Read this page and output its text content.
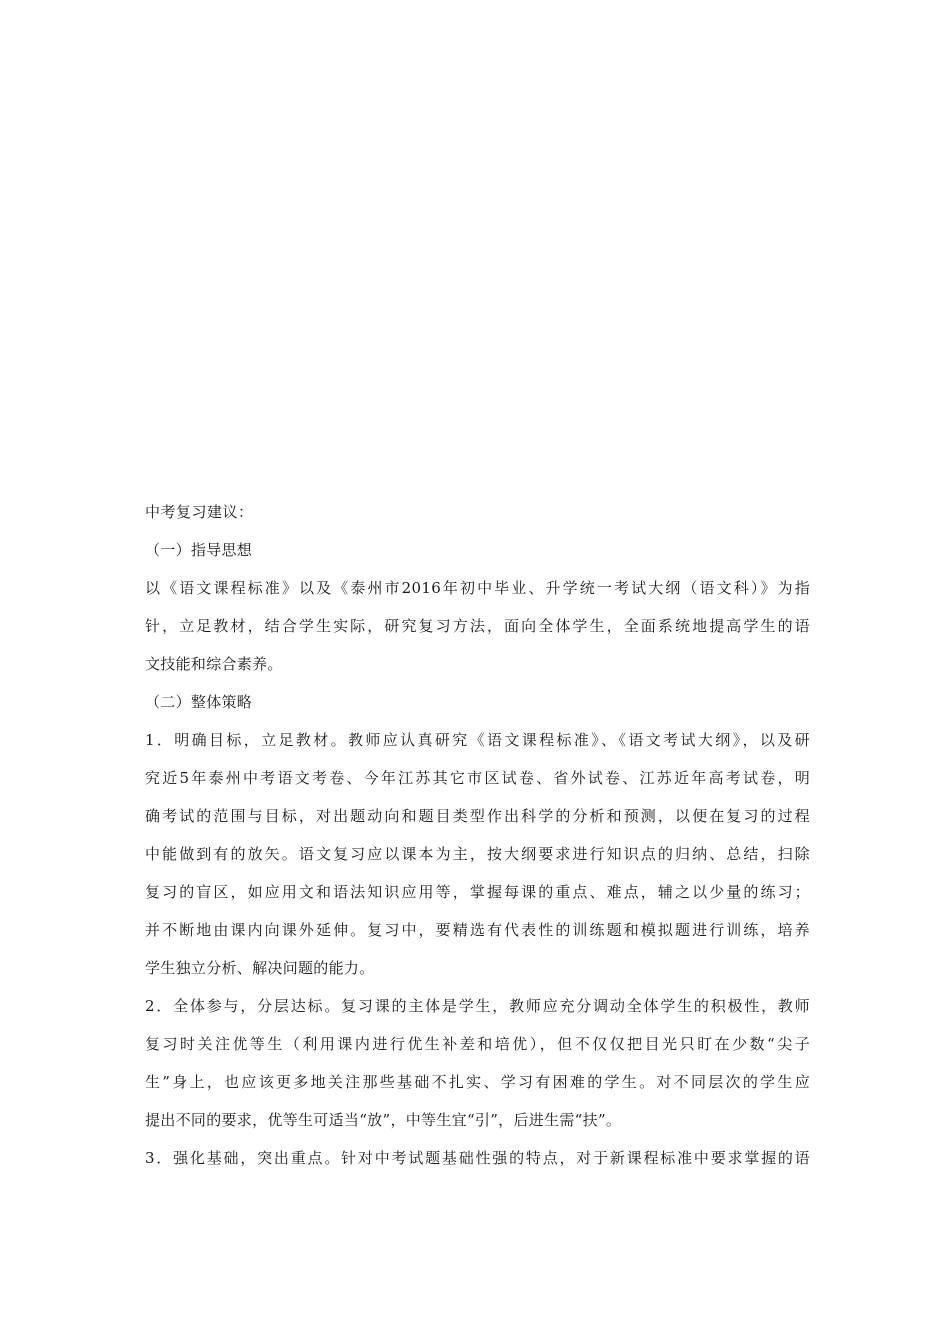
中考复习建议：
（一）指导思想
以《语文课程标准》以及《泰州市2016年初中毕业、升学统一考试大纲（语文科）》为指
针，立足教材，结合学生实际，研究复习方法，面向全体学生，全面系统地提高学生的语
文技能和综合素养。
（二）整体策略
1．明确目标，立足教材。教师应认真研究《语文课程标准》、《语文考试大纲》，以及研
究近5年泰州中考语文考卷、今年江苏其它市区试卷、省外试卷、江苏近年高考试卷，明
确考试的范围与目标，对出题动向和题目类型作出科学的分析和预测，以便在复习的过程
中能做到有的放矢。语文复习应以课本为主，按大纲要求进行知识点的归纳、总结，扫除
复习的盲区，如应用文和语法知识应用等，掌握每课的重点、难点，辅之以少量的练习；
并不断地由课内向课外延伸。复习中，要精选有代表性的训练题和模拟题进行训练，培养
学生独立分析、解决问题的能力。
2．全体参与，分层达标。复习课的主体是学生，教师应充分调动全体学生的积极性，教师
复习时关注优等生（利用课内进行优生补差和培优），但不仅仅把目光只盯在少数“尖子
生”身上，也应该更多地关注那些基础不扎实、学习有困难的学生。对不同层次的学生应
提出不同的要求，优等生可适当“放”，中等生宜“引”，后进生需“扶”。
3．强化基础，突出重点。针对中考试题基础性强的特点，对于新课程标准中要求掌握的语
